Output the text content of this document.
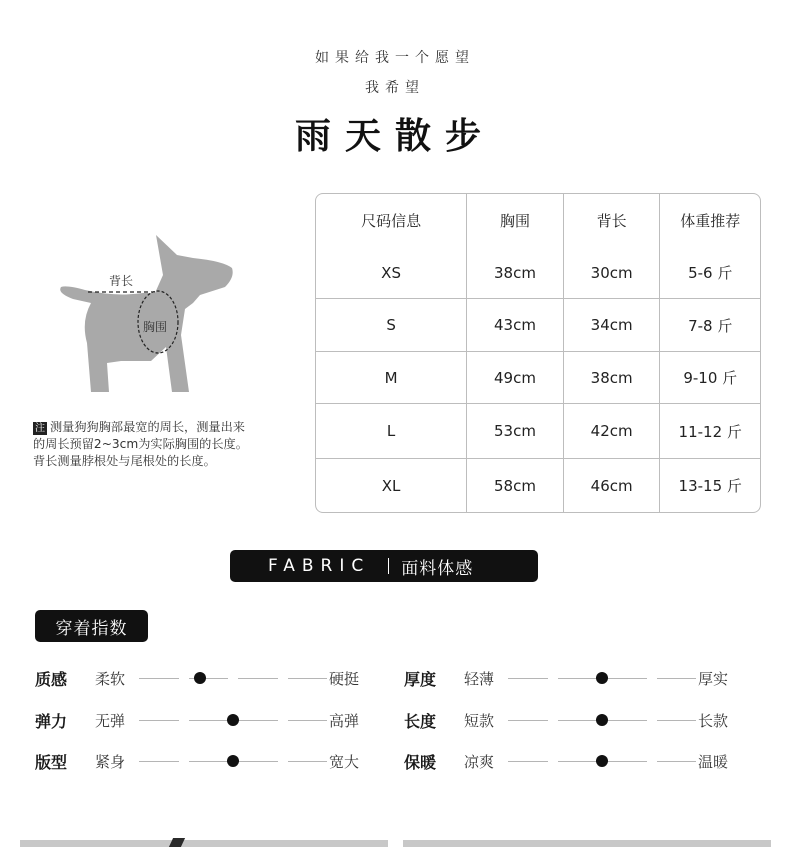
如果给我一个愿望
我希望
雨天散步
背长
胸围
注 测量狗狗胸部最宽的周长，测量出来
的周长预留2~3cm为实际胸围的长度。
背长测量脖根处与尾根处的长度。
尺码信息	胸围	背长	体重推荐
XS	38cm	30cm	5-6 斤
S	43cm	34cm	7-8 斤
M	49cm	38cm	9-10 斤
L	53cm	42cm	11-12 斤
XL	58cm	46cm	13-15 斤
FABRIC 面料体感
穿着指数
质感	柔软	硬挺	厚度	轻薄	厚实
弹力	无弹	高弹	长度	短款	长款
版型	紧身	宽大	保暖	凉爽	温暖
